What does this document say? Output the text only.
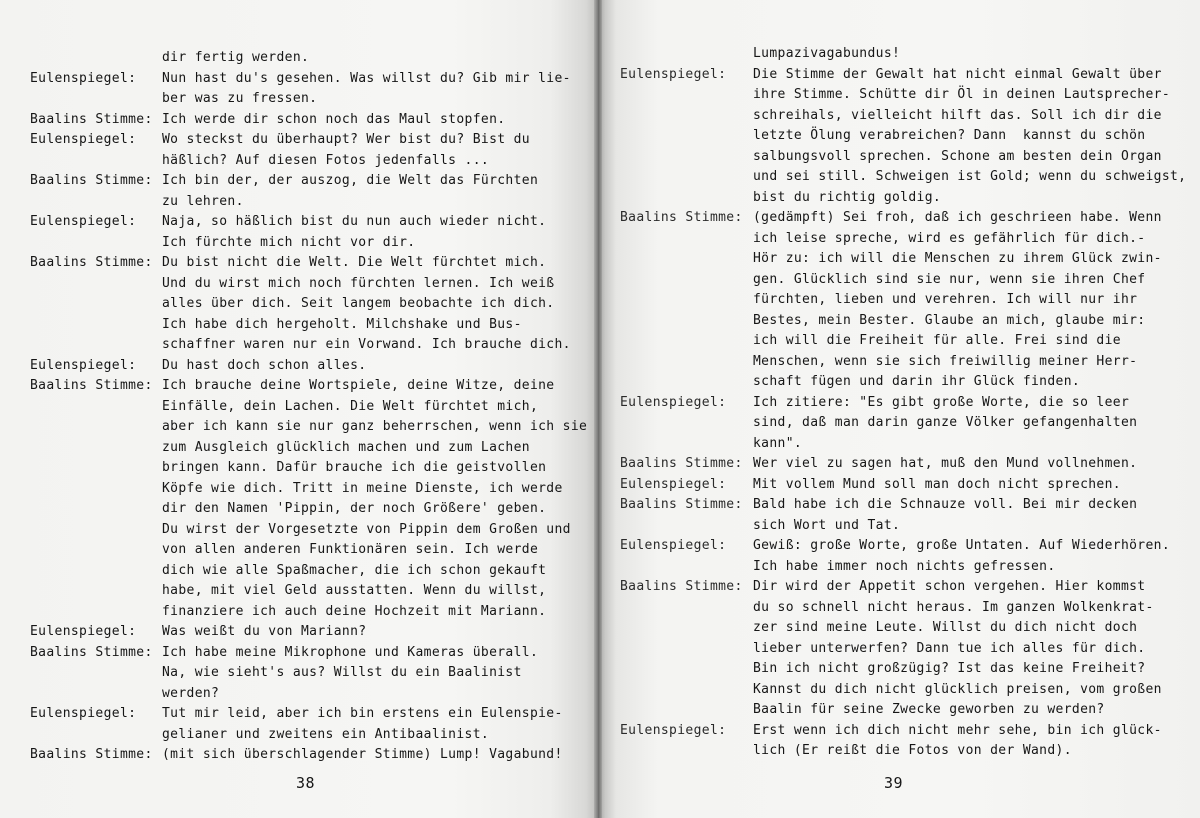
dir fertig werden.
Eulenspiegel: Nun hast du's gesehen. Was willst du? Gib mir lie-
ber was zu fressen.
Baalins Stimme: Ich werde dir schon noch das Maul stopfen.
Eulenspiegel: Wo steckst du überhaupt? Wer bist du? Bist du
häßlich? Auf diesen Fotos jedenfalls ...
Baalins Stimme: Ich bin der, der auszog, die Welt das Fürchten
zu lehren.
Eulenspiegel: Naja, so häßlich bist du nun auch wieder nicht.
Ich fürchte mich nicht vor dir.
Baalins Stimme: Du bist nicht die Welt. Die Welt fürchtet mich.
Und du wirst mich noch fürchten lernen. Ich weiß
alles über dich. Seit langem beobachte ich dich.
Ich habe dich hergeholt. Milchshake und Bus-
schaffner waren nur ein Vorwand. Ich brauche dich.
Eulenspiegel: Du hast doch schon alles.
Baalins Stimme: Ich brauche deine Wortspiele, deine Witze, deine
Einfälle, dein Lachen. Die Welt fürchtet mich,
aber ich kann sie nur ganz beherrschen, wenn ich sie
zum Ausgleich glücklich machen und zum Lachen
bringen kann. Dafür brauche ich die geistvollen
Köpfe wie dich. Tritt in meine Dienste, ich werde
dir den Namen 'Pippin, der noch Größere' geben.
Du wirst der Vorgesetzte von Pippin dem Großen und
von allen anderen Funktionären sein. Ich werde
dich wie alle Spaßmacher, die ich schon gekauft
habe, mit viel Geld ausstatten. Wenn du willst,
finanziere ich auch deine Hochzeit mit Mariann.
Eulenspiegel: Was weißt du von Mariann?
Baalins Stimme: Ich habe meine Mikrophone und Kameras überall.
Na, wie sieht's aus? Willst du ein Baalinist
werden?
Eulenspiegel: Tut mir leid, aber ich bin erstens ein Eulenspie-
gelianer und zweitens ein Antibaalinist.
Baalins Stimme: (mit sich überschlagender Stimme) Lump! Vagabund!
38
Lumpazivagabundus!
Eulenspiegel: Die Stimme der Gewalt hat nicht einmal Gewalt über
ihre Stimme. Schütte dir Öl in deinen Lautsprecher-
schreihals, vielleicht hilft das. Soll ich dir die
letzte Ölung verabreichen? Dann  kannst du schön
salbungsvoll sprechen. Schone am besten dein Organ
und sei still. Schweigen ist Gold; wenn du schweigst,
bist du richtig goldig.
Baalins Stimme: (gedämpft) Sei froh, daß ich geschrieen habe. Wenn
ich leise spreche, wird es gefährlich für dich.-
Hör zu: ich will die Menschen zu ihrem Glück zwin-
gen. Glücklich sind sie nur, wenn sie ihren Chef
fürchten, lieben und verehren. Ich will nur ihr
Bestes, mein Bester. Glaube an mich, glaube mir:
ich will die Freiheit für alle. Frei sind die
Menschen, wenn sie sich freiwillig meiner Herr-
schaft fügen und darin ihr Glück finden.
Eulenspiegel: Ich zitiere: "Es gibt große Worte, die so leer
sind, daß man darin ganze Völker gefangenhalten
kann".
Baalins Stimme: Wer viel zu sagen hat, muß den Mund vollnehmen.
Eulenspiegel: Mit vollem Mund soll man doch nicht sprechen.
Baalins Stimme: Bald habe ich die Schnauze voll. Bei mir decken
sich Wort und Tat.
Eulenspiegel: Gewiß: große Worte, große Untaten. Auf Wiederhören.
Ich habe immer noch nichts gefressen.
Baalins Stimme: Dir wird der Appetit schon vergehen. Hier kommst
du so schnell nicht heraus. Im ganzen Wolkenkrat-
zer sind meine Leute. Willst du dich nicht doch
lieber unterwerfen? Dann tue ich alles für dich.
Bin ich nicht großzügig? Ist das keine Freiheit?
Kannst du dich nicht glücklich preisen, vom großen
Baalin für seine Zwecke geworben zu werden?
Eulenspiegel: Erst wenn ich dich nicht mehr sehe, bin ich glück-
lich (Er reißt die Fotos von der Wand).
39
